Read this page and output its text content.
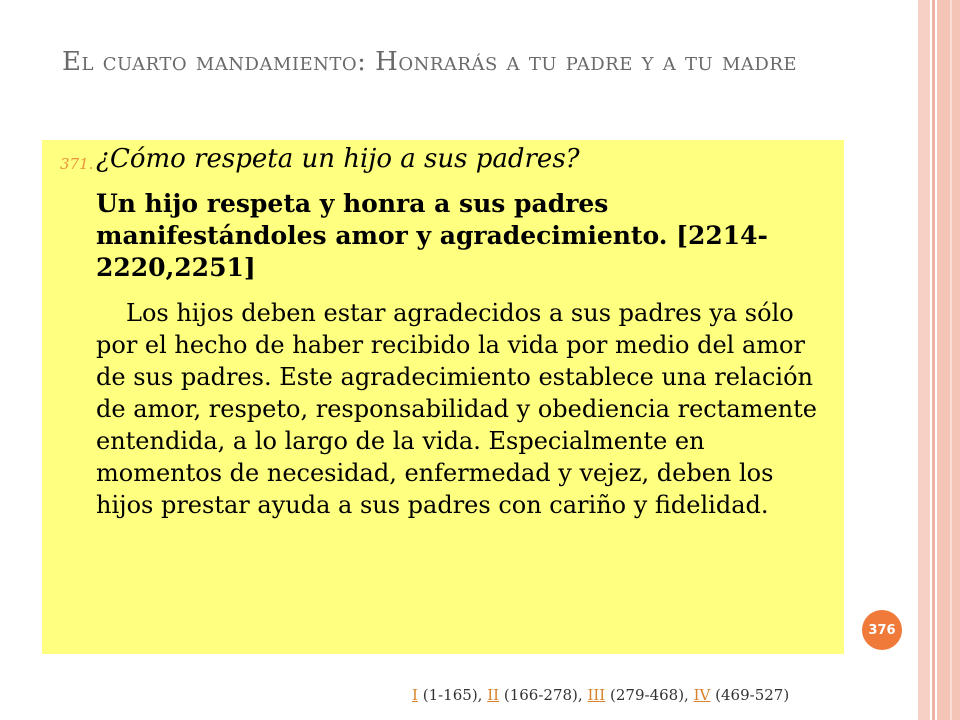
El cuarto mandamiento: Honrarás a tu padre y a tu madre
371. ¿Cómo respeta un hijo a sus padres?
Un hijo respeta y honra a sus padres manifestándoles amor y agradecimiento. [2214-2220,2251]
Los hijos deben estar agradecidos a sus padres ya sólo por el hecho de haber recibido la vida por medio del amor de sus padres. Este agradecimiento establece una relación de amor, respeto, responsabilidad y obediencia rectamente entendida, a lo largo de la vida. Especialmente en momentos de necesidad, enfermedad y vejez, deben los hijos prestar ayuda a sus padres con cariño y fidelidad.
376
I (1-165), II (166-278), III (279-468), IV (469-527)
